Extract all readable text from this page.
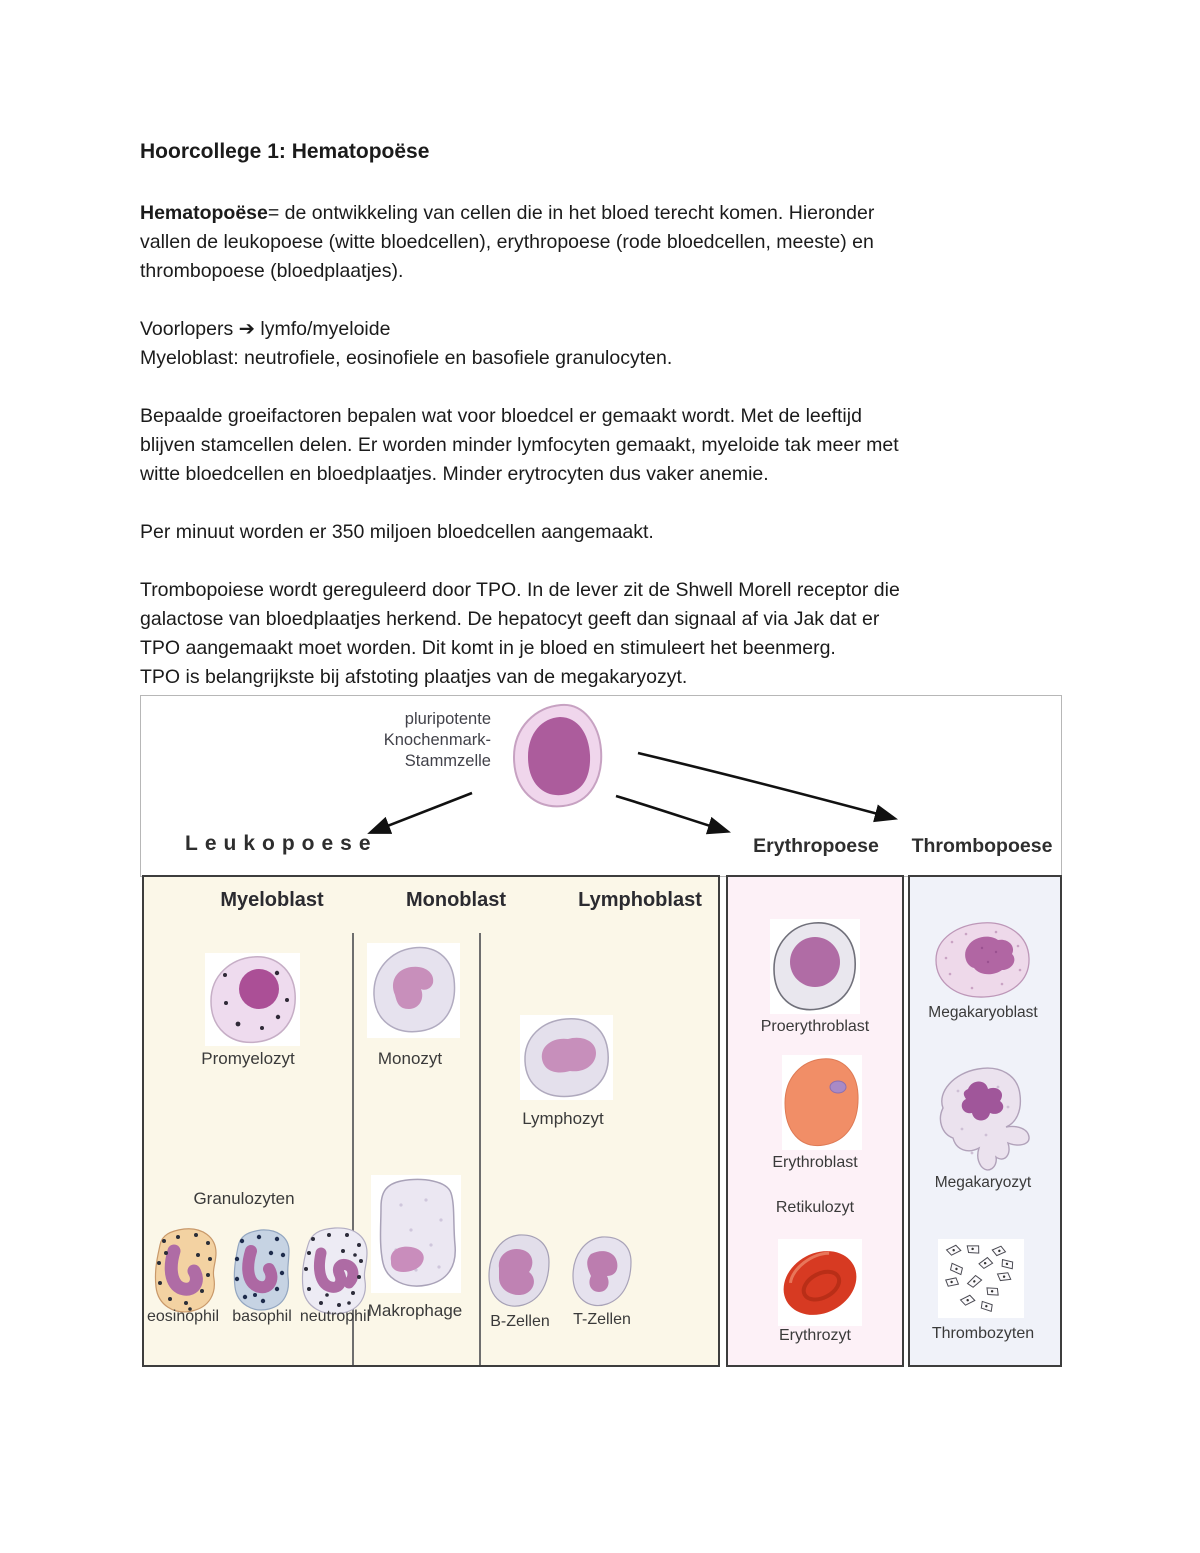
Hoorcollege 1: Hematopoëse

Hematopoëse= de ontwikkeling van cellen die in het bloed terecht komen. Hieronder
vallen de leukopoese (witte bloedcellen), erythropoese (rode bloedcellen, meeste) en
thrombopoese (bloedplaatjes).

Voorlopers ➔ lymfo/myeloide
Myeloblast: neutrofiele, eosinofiele en basofiele granulocyten.

Bepaalde groeifactoren bepalen wat voor bloedcel er gemaakt wordt. Met de leeftijd
blijven stamcellen delen. Er worden minder lymfocyten gemaakt, myeloide tak meer met
witte bloedcellen en bloedplaatjes. Minder erytrocyten dus vaker anemie.

Per minuut worden er 350 miljoen bloedcellen aangemaakt.

Trombopoiese wordt gereguleerd door TPO. In de lever zit de Shwell Morell receptor die
galactose van bloedplaatjes herkend. De hepatocyt geeft dan signaal af via Jak dat er
TPO aangemaakt moet worden. Dit komt in je bloed en stimuleert het beenmerg.
TPO is belangrijkste bij afstoting plaatjes van de megakaryozyt.

pluripotente
Knochenmark-
Stammzelle
Leukopoese	Erythropoese	Thrombopoese
Myeloblast	Monoblast	Lymphoblast
Promyelozyt
Granulozyten
eosinophil basophil neutrophil
Monozyt
Makrophage
Lymphozyt
B-Zellen	T-Zellen
Proerythroblast
Erythroblast
Retikulozyt
Erythrozyt
Megakaryoblast
Megakaryozyt
Thrombozyten
